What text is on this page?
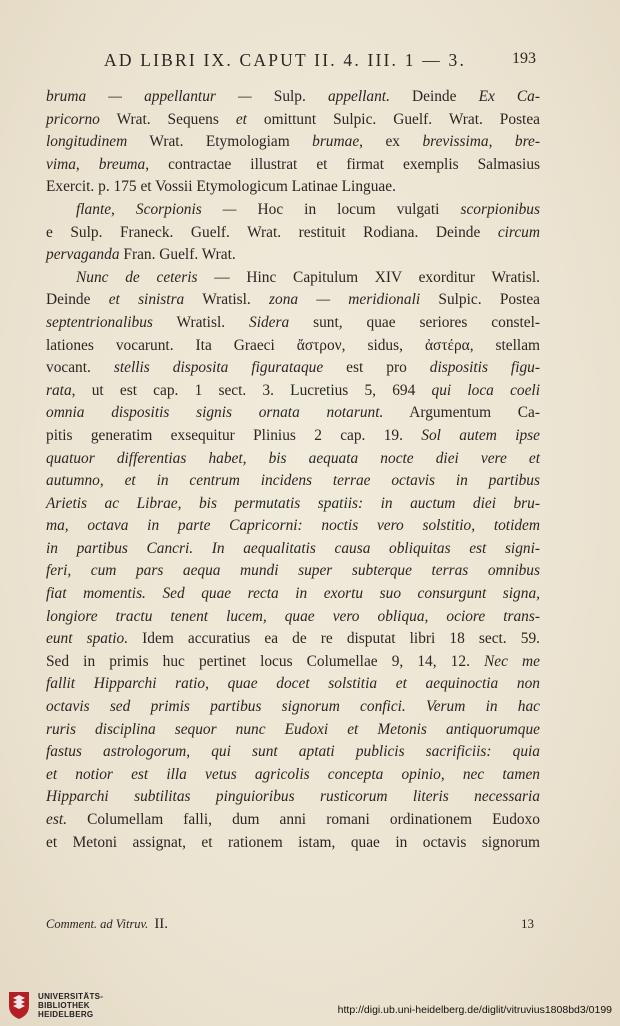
AD LIBRI IX. CAPUT II. 4. III. 1 — 3.	193
bruma — appellantur — Sulp. appellant. Deinde Ex Ca-
pricorno Wrat. Sequens et omittunt Sulpic. Guelf. Wrat. Postea
longitudinem Wrat. Etymologiam brumae, ex brevissima, bre-
vima, breuma, contractae illustrat et firmat exemplis Salmasius
Exercit. p. 175 et Vossii Etymologicum Latinae Linguae.
flante, Scorpionis — Hoc in locum vulgati scorpionibus
e Sulp. Franeck. Guelf. Wrat. restituit Rodiana. Deinde circum
pervaganda Fran. Guelf. Wrat.
Nunc de ceteris — Hinc Capitulum XIV exorditur Wratisl.
Deinde et sinistra Wratisl. zona — meridionali Sulpic. Postea
septentrionalibus Wratisl. Sidera sunt, quae seriores constel-
lationes vocarunt. Ita Graeci ἄστρον, sidus, ἀστέρα, stellam
vocant. stellis disposita figurataque est pro dispositis figu-
rata, ut est cap. 1 sect. 3. Lucretius 5, 694 qui loca coeli
omnia dispositis signis ornata notarunt. Argumentum Ca-
pitis generatim exsequitur Plinius 2 cap. 19. Sol autem ipse
quatuor differentias habet, bis aequata nocte diei vere et
autumno, et in centrum incidens terrae octavis in partibus
Arietis ac Librae, bis permutatis spatiis: in auctum diei bru-
ma, octava in parte Capricorni: noctis vero solstitio, totidem
in partibus Cancri. In aequalitatis causa obliquitas est signi-
feri, cum pars aequa mundi super subterque terras omnibus
fiat momentis. Sed quae recta in exortu suo consurgunt signa,
longiore tractu tenent lucem, quae vero obliqua, ociore trans-
eunt spatio. Idem accuratius ea de re disputat libri 18 sect. 59.
Sed in primis huc pertinet locus Columellae 9, 14, 12. Nec me
fallit Hipparchi ratio, quae docet solstitia et aequinoctia non
octavis sed primis partibus signorum confici. Verum in hac
ruris disciplina sequor nunc Eudoxi et Metonis antiquorumque
fastus astrologorum, qui sunt aptati publicis sacrificiis: quia
et notior est illa vetus agricolis concepta opinio, nec tamen
Hipparchi subtilitas pinguioribus rusticorum literis necessaria
est. Columellam falli, dum anni romani ordinationem Eudoxo
et Metoni assignat, et rationem istam, quae in octavis signorum
Comment. ad Vitruv. II.	13
UNIVERSITÄTS-
BIBLIOTHEK
HEIDELBERG	http://digi.ub.uni-heidelberg.de/diglit/vitruvius1808bd3/0199
